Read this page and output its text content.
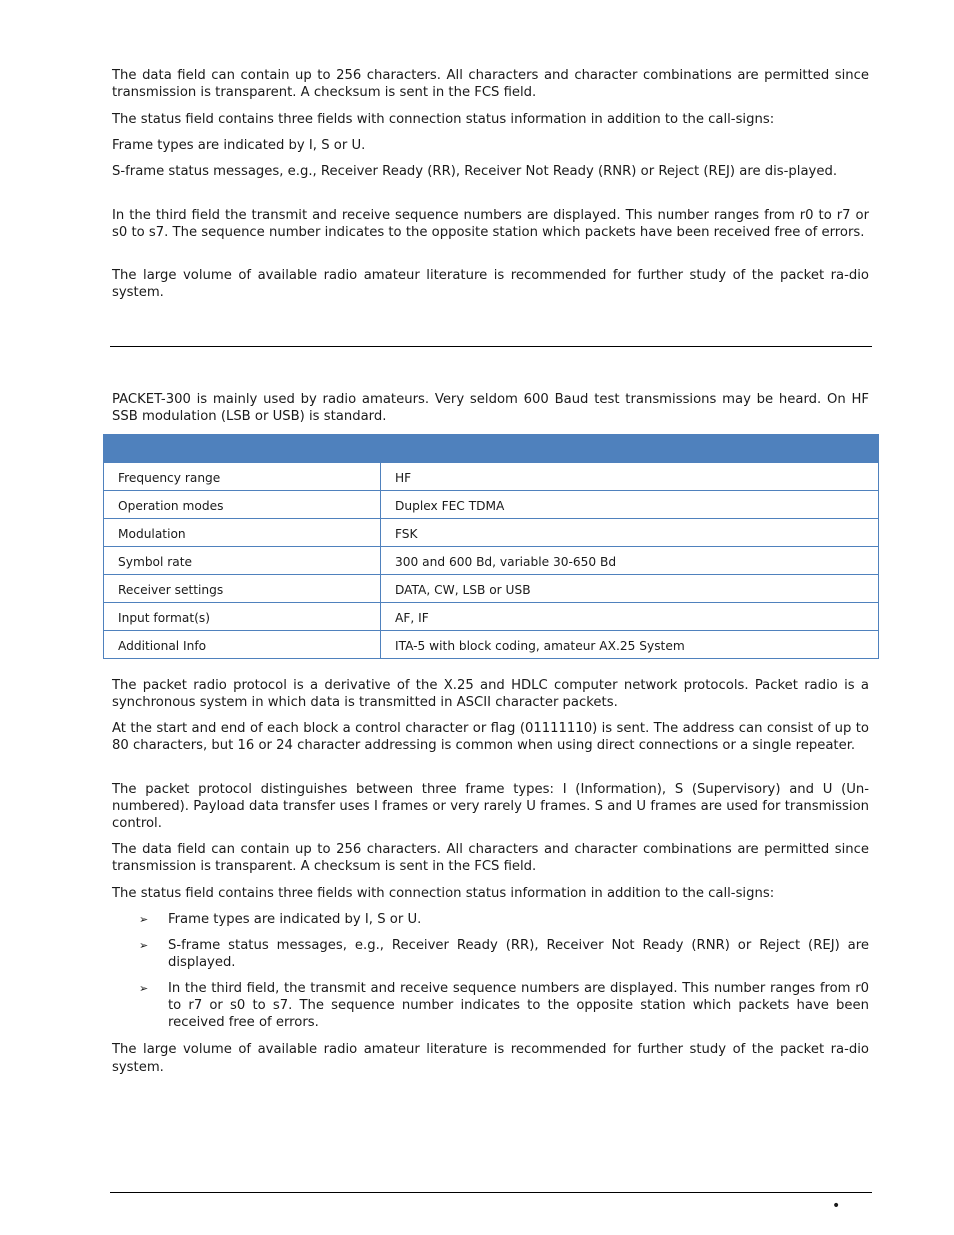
The data field can contain up to 256 characters. All characters and character combinations are permitted since transmission is transparent. A checksum is sent in the FCS field.

The status field contains three fields with connection status information in addition to the call-signs:

Frame types are indicated by I, S or U.

S-frame status messages, e.g., Receiver Ready (RR), Receiver Not Ready (RNR) or Reject (REJ) are dis-played.

In the third field the transmit and receive sequence numbers are displayed. This number ranges from r0 to r7 or s0 to s7. The sequence number indicates to the opposite station which packets have been received free of errors.

The large volume of available radio amateur literature is recommended for further study of the packet ra-dio system.

PACKET-300 is mainly used by radio amateurs. Very seldom 600 Baud test transmissions may be heard. On HF SSB modulation (LSB or USB) is standard.

Frequency range	HF
Operation modes	Duplex FEC TDMA
Modulation	FSK
Symbol rate	300 and 600 Bd, variable 30-650 Bd
Receiver settings	DATA, CW, LSB or USB
Input format(s)	AF, IF
Additional Info	ITA-5 with block coding, amateur AX.25 System

The packet radio protocol is a derivative of the X.25 and HDLC computer network protocols. Packet radio is a synchronous system in which data is transmitted in ASCII character packets.

At the start and end of each block a control character or flag (01111110) is sent. The address can consist of up to 80 characters, but 16 or 24 character addressing is common when using direct connections or a single repeater.

The packet protocol distinguishes between three frame types: I (Information), S (Supervisory) and U (Un-numbered). Payload data transfer uses I frames or very rarely U frames. S and U frames are used for transmission control.

The data field can contain up to 256 characters. All characters and character combinations are permitted since transmission is transparent. A checksum is sent in the FCS field.

The status field contains three fields with connection status information in addition to the call-signs:

➢ Frame types are indicated by I, S or U.
➢ S-frame status messages, e.g., Receiver Ready (RR), Receiver Not Ready (RNR) or Reject (REJ) are displayed.
➢ In the third field, the transmit and receive sequence numbers are displayed. This number ranges from r0 to r7 or s0 to s7. The sequence number indicates to the opposite station which packets have been received free of errors.

The large volume of available radio amateur literature is recommended for further study of the packet ra-dio system.

•
